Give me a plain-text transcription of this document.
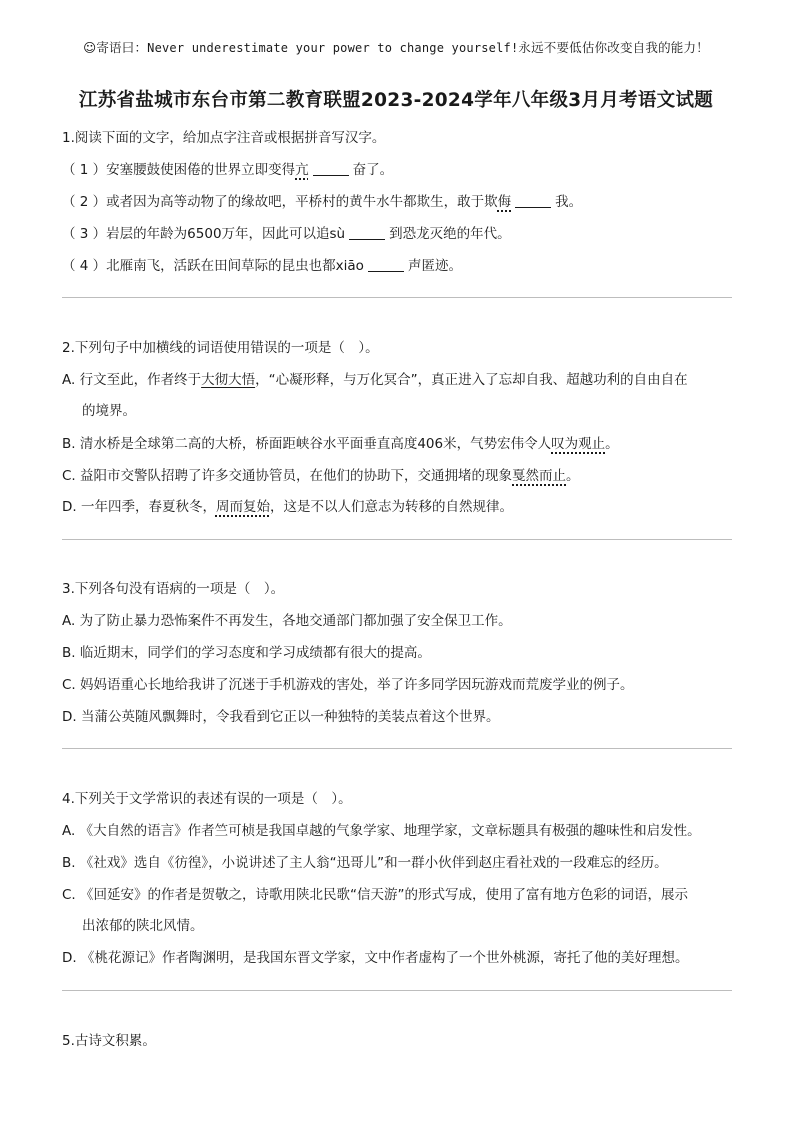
☺寄语曰：Never underestimate your power to change yourself!永远不要低估你改变自我的能力！
江苏省盐城市东台市第二教育联盟2023-2024学年八年级3月月考语文试题
1.阅读下面的文字，给加点字注音或根据拼音写汉字。
（ 1 ）安塞腰鼓使困倦的世界立即变得亢	奋了。
（ 2 ）或者因为高等动物了的缘故吧，平桥村的黄牛水牛都欺生，敢于欺侮	我。
（ 3 ）岩层的年龄为6500万年，因此可以追sù	到恐龙灭绝的年代。
（ 4 ）北雁南飞，活跃在田间草际的昆虫也都xiāo	声匿迹。
2.下列句子中加横线的词语使用错误的一项是（　）。
A. 行文至此，作者终于大彻大悟，“心凝形释，与万化冥合”，真正进入了忘却自我、超越功利的自由自在
的境界。
B. 清水桥是全球第二高的大桥，桥面距峡谷水平面垂直高度406米，气势宏伟令人叹为观止。
C. 益阳市交警队招聘了许多交通协管员，在他们的协助下，交通拥堵的现象戛然而止。
D. 一年四季，春夏秋冬，周而复始，这是不以人们意志为转移的自然规律。
3.下列各句没有语病的一项是（　）。
A. 为了防止暴力恐怖案件不再发生，各地交通部门都加强了安全保卫工作。
B. 临近期末，同学们的学习态度和学习成绩都有很大的提高。
C. 妈妈语重心长地给我讲了沉迷于手机游戏的害处，举了许多同学因玩游戏而荒废学业的例子。
D. 当蒲公英随风飘舞时，令我看到它正以一种独特的美装点着这个世界。
4.下列关于文学常识的表述有误的一项是（　）。
A. 《大自然的语言》作者竺可桢是我国卓越的气象学家、地理学家，文章标题具有极强的趣味性和启发性。
B. 《社戏》选自《彷徨》，小说讲述了主人翁“迅哥儿”和一群小伙伴到赵庄看社戏的一段难忘的经历。
C. 《回延安》的作者是贺敬之，诗歌用陕北民歌“信天游”的形式写成，使用了富有地方色彩的词语，展示
出浓郁的陕北风情。
D. 《桃花源记》作者陶渊明，是我国东晋文学家，文中作者虚构了一个世外桃源，寄托了他的美好理想。
5.古诗文积累。
